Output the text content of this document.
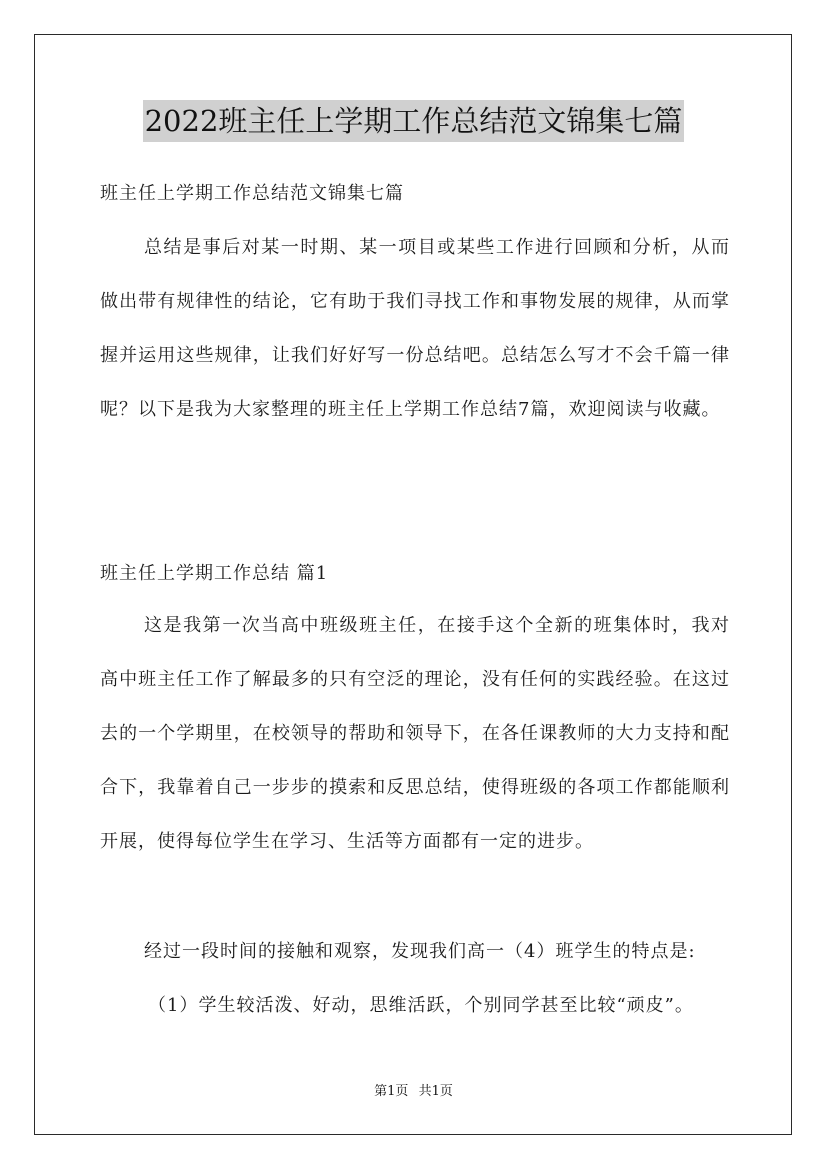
2022班主任上学期工作总结范文锦集七篇
班主任上学期工作总结范文锦集七篇

总结是事后对某一时期、某一项目或某些工作进行回顾和分析，从而做出带有规律性的结论，它有助于我们寻找工作和事物发展的规律，从而掌握并运用这些规律，让我们好好写一份总结吧。总结怎么写才不会千篇一律呢？以下是我为大家整理的班主任上学期工作总结7篇，欢迎阅读与收藏。

班主任上学期工作总结 篇1

这是我第一次当高中班级班主任，在接手这个全新的班集体时，我对高中班主任工作了解最多的只有空泛的理论，没有任何的实践经验。在这过去的一个学期里，在校领导的帮助和领导下，在各任课教师的大力支持和配合下，我靠着自己一步步的摸索和反思总结，使得班级的各项工作都能顺利开展，使得每位学生在学习、生活等方面都有一定的进步。

经过一段时间的接触和观察，发现我们高一（4）班学生的特点是:

（1）学生较活泼、好动，思维活跃，个别同学甚至比较“顽皮”。

第1页 共1页
